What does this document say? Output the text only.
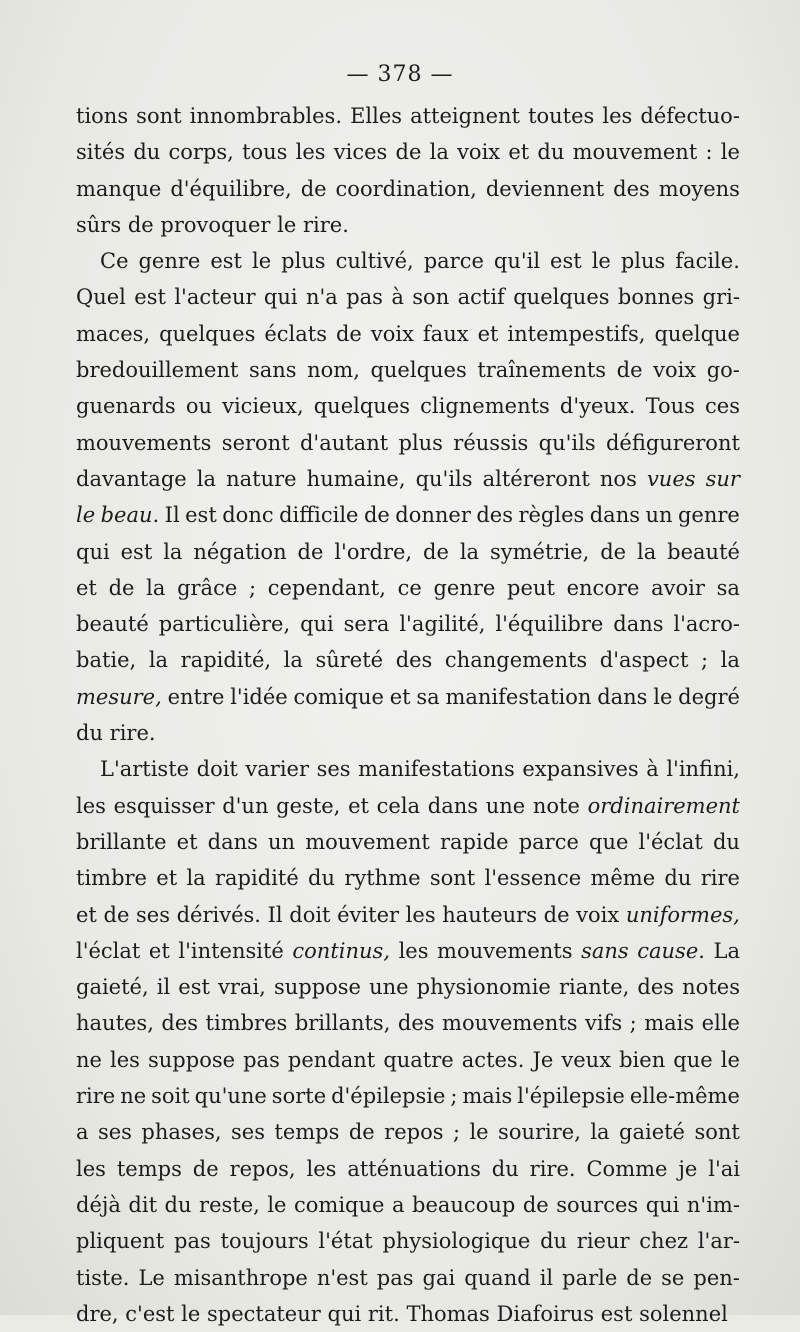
— 378 —
tions sont innombrables. Elles atteignent toutes les défectuo-
sités du corps, tous les vices de la voix et du mouvement : le
manque d'équilibre, de coordination, deviennent des moyens
sûrs
de
provoquer
le
rire.
Ce genre est le plus cultivé, parce qu'il est le plus facile.
Quel est l'acteur qui n'a pas à son actif quelques bonnes gri-
maces, quelques éclats de voix faux et intempestifs, quelque
bredouillement sans nom, quelques traînements de voix go-
guenards ou vicieux, quelques clignements d'yeux. Tous ces
mouvements seront d'autant plus réussis qu'ils défigureront
davantage la nature humaine, qu'ils altéreront nos vues sur
le beau. Il est donc difficile de donner des règles dans un genre
qui est la négation de l'ordre, de la symétrie, de la beauté
et de la grâce ; cependant, ce genre peut encore avoir sa
beauté particulière, qui sera l'agilité, l'équilibre dans l'acro-
batie, la rapidité, la sûreté des changements d'aspect ; la
mesure, entre l'idée comique et sa manifestation dans le degré
du
rire.
L'artiste doit varier ses manifestations expansives à l'infini,
les esquisser d'un geste, et cela dans une note ordinairement
brillante et dans un mouvement rapide parce que l'éclat du
timbre et la rapidité du rythme sont l'essence même du rire
et de ses dérivés. Il doit éviter les hauteurs de voix uniformes,
l'éclat et l'intensité continus, les mouvements sans cause. La
gaieté, il est vrai, suppose une physionomie riante, des notes
hautes, des timbres brillants, des mouvements vifs ; mais elle
ne les suppose pas pendant quatre actes. Je veux bien que le
rire ne soit qu'une sorte d'épilepsie ; mais l'épilepsie elle-même
a ses phases, ses temps de repos ; le sourire, la gaieté sont
les temps de repos, les atténuations du rire. Comme je l'ai
déjà dit du reste, le comique a beaucoup de sources qui n'im-
pliquent pas toujours l'état physiologique du rieur chez l'ar-
tiste. Le misanthrope n'est pas gai quand il parle de se pen-
dre,
c'est
le
spectateur
qui
rit.
Thomas
Diafoirus
est
solennel
